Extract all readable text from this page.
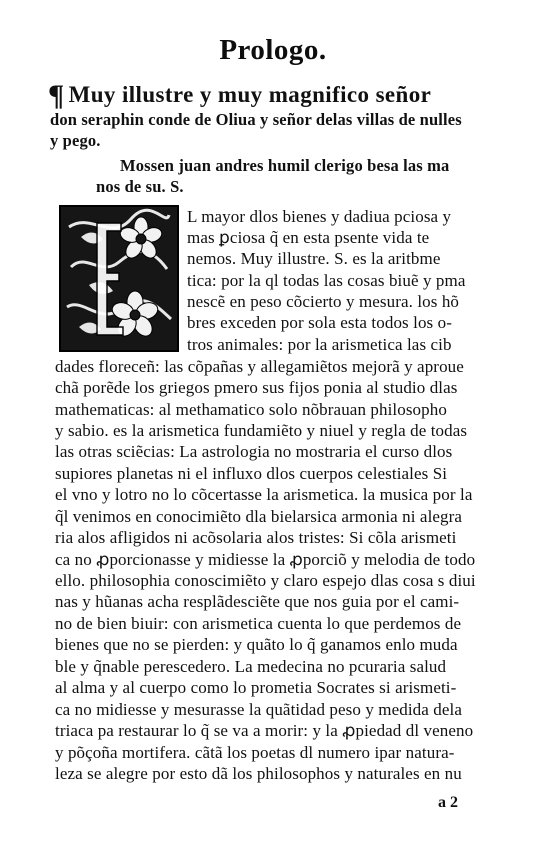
Prologo.
¶ Muy illustre y muy magnifico señor
don seraphin conde de Oliua y señor delas villas de nulles
y pego.
Mossen juan andres humil clerigo besa las ma
nos de su. S.
L mayor dlos bienes y dadiua pciosa y
mas ꝑciosa q̃ en esta psente vida te
nemos. Muy illustre. S. es la aritbme
tica: por la ql todas las cosas biuẽ y pma
nescẽ en peso cõcierto y mesura. los hõ
bres exceden por sola esta todos los o-
tros animales: por la arismetica las cib
dades floreceñ: las cõpañas y allegamiẽtos mejorã y aproue
chã porẽde los griegos pmero sus fijos ponia al studio dlas
mathematicas: al methamatico solo nõbrauan philosopho
y sabio. es la arismetica fundamiẽto y niuel y regla de todas
las otras sciẽcias: La astrologia no mostraria el curso dlos
supiores planetas ni el influxo dlos cuerpos celestiales Si
el vno y lotro no lo cõcertasse la arismetica. la musica por la
q̃l venimos en conocimiẽto dla bielarsica armonia ni alegra
ria alos afligidos ni acõsolaria alos tristes: Si cõla arismeti
ca no ꝓporcionasse y midiesse la ꝓporciõ y melodia de todo
ello. philosophia conoscimiẽto y claro espejo dlas cosa s diui
nas y hũanas acha resplãdesciẽte que nos guia por el cami-
no de bien biuir: con arismetica cuenta lo que perdemos de
bienes que no se pierden: y quãto lo q̃ ganamos enlo muda
ble y q̃nable perescedero. La medecina no pcuraria salud
al alma y al cuerpo como lo prometia Socrates si arismeti-
ca no midiesse y mesurasse la quãtidad peso y medida dela
triaca pa restaurar lo q̃ se va a morir: y la ꝓpiedad dl veneno
y põçoña mortifera. cãtã los poetas dl numero ipar natura-
leza se alegre por esto dã los philosophos y naturales en nu
a 2
